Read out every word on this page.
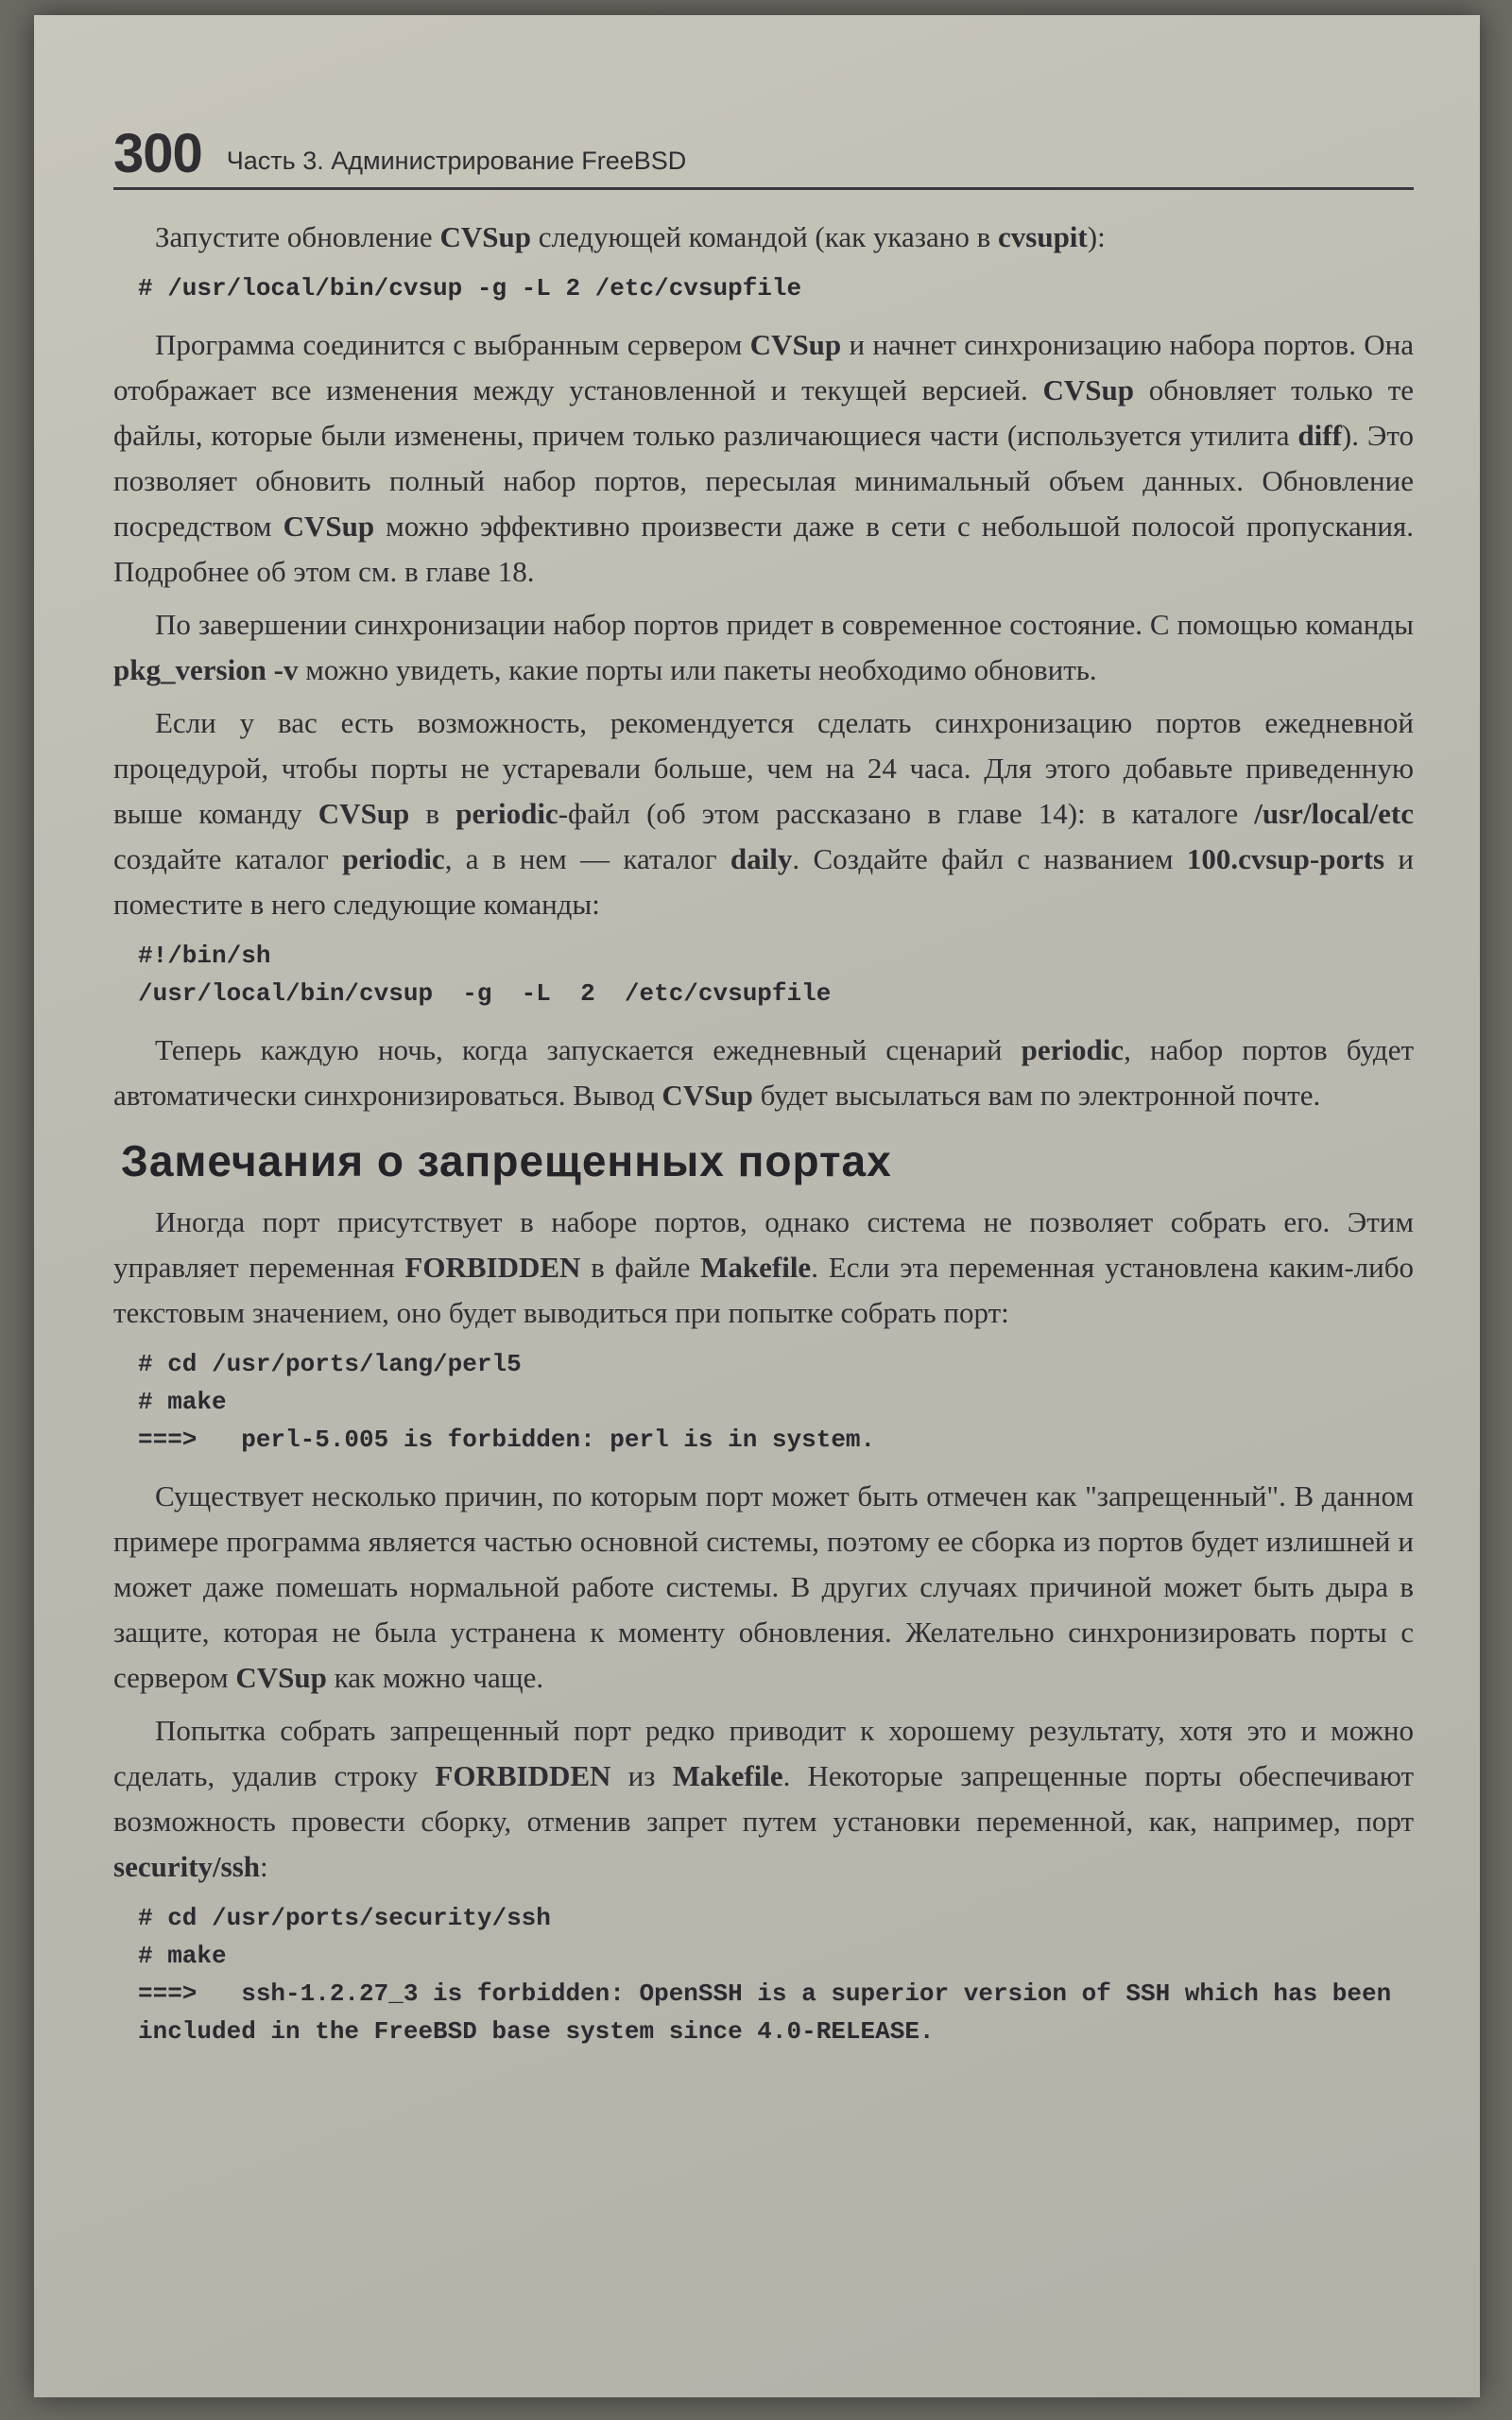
300 Часть 3. Администрирование FreeBSD

Запустите обновление CVSup следующей командой (как указано в cvsupit):

# /usr/local/bin/cvsup -g -L 2 /etc/cvsupfile

Программа соединится с выбранным сервером CVSup и начнет синхронизацию набора портов. Она отображает все изменения между установленной и текущей версией. CVSup обновляет только те файлы, которые были изменены, причем только различающиеся части (используется утилита diff). Это позволяет обновить полный набор портов, пересылая минимальный объем данных. Обновление посредством CVSup можно эффективно произвести даже в сети с небольшой полосой пропускания. Подробнее об этом см. в главе 18.

По завершении синхронизации набор портов придет в современное состояние. С помощью команды pkg_version -v можно увидеть, какие порты или пакеты необходимо обновить.

Если у вас есть возможность, рекомендуется сделать синхронизацию портов ежедневной процедурой, чтобы порты не устаревали больше, чем на 24 часа. Для этого добавьте приведенную выше команду CVSup в periodic-файл (об этом рассказано в главе 14): в каталоге /usr/local/etc создайте каталог periodic, а в нем — каталог daily. Создайте файл с названием 100.cvsup-ports и поместите в него следующие команды:

#!/bin/sh
/usr/local/bin/cvsup  -g  -L  2  /etc/cvsupfile

Теперь каждую ночь, когда запускается ежедневный сценарий periodic, набор портов будет автоматически синхронизироваться. Вывод CVSup будет высылаться вам по электронной почте.

Замечания о запрещенных портах

Иногда порт присутствует в наборе портов, однако система не позволяет собрать его. Этим управляет переменная FORBIDDEN в файле Makefile. Если эта переменная установлена каким-либо текстовым значением, оно будет выводиться при попытке собрать порт:

# cd /usr/ports/lang/perl5
# make
===>   perl-5.005 is forbidden: perl is in system.

Существует несколько причин, по которым порт может быть отмечен как "запрещенный". В данном примере программа является частью основной системы, поэтому ее сборка из портов будет излишней и может даже помешать нормальной работе системы. В других случаях причиной может быть дыра в защите, которая не была устранена к моменту обновления. Желательно синхронизировать порты с сервером CVSup как можно чаще.

Попытка собрать запрещенный порт редко приводит к хорошему результату, хотя это и можно сделать, удалив строку FORBIDDEN из Makefile. Некоторые запрещенные порты обеспечивают возможность провести сборку, отменив запрет путем установки переменной, как, например, порт security/ssh:

# cd /usr/ports/security/ssh
# make
===>   ssh-1.2.27_3 is forbidden: OpenSSH is a superior version of SSH which has been included in the FreeBSD base system since 4.0-RELEASE.
